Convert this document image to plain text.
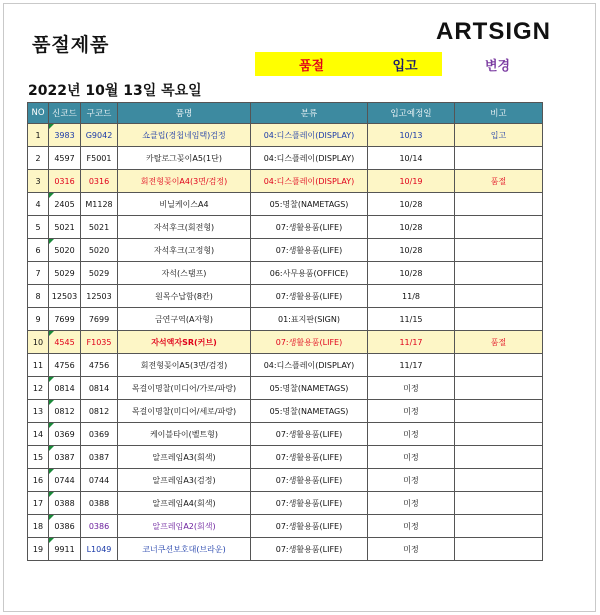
품절제품	ARTSIGN
품절	입고	변경
2022년 10월 13일 목요일
NO	신코드	구코드	품명	분류	입고예정일	비고
1	3983	G9042	쇼클립(경첩네임택)검정	04:디스플레이(DISPLAY)	10/13	입고
2	4597	F5001	카탈로그꽂이A5(1단)	04:디스플레이(DISPLAY)	10/14	
3	0316	0316	회전형꽂이A4(3면/검정)	04:디스플레이(DISPLAY)	10/19	품절
4	2405	M1128	비닐케이스A4	05:명찰(NAMETAGS)	10/28	
5	5021	5021	자석후크(회전형)	07:생활용품(LIFE)	10/28	
6	5020	5020	자석후크(고정형)	07:생활용품(LIFE)	10/28	
7	5029	5029	자석(스탬프)	06:사무용품(OFFICE)	10/28	
8	12503	12503	원목수납함(8칸)	07:생활용품(LIFE)	11/8	
9	7699	7699	금연구역(A자형)	01:표지판(SIGN)	11/15	
10	4545	F1035	자석액자SR(커브)	07:생활용품(LIFE)	11/17	품절
11	4756	4756	회전형꽂이A5(3면/검정)	04:디스플레이(DISPLAY)	11/17	
12	0814	0814	목걸이명찰(미디어/가로/파랑)	05:명찰(NAMETAGS)	미정	
13	0812	0812	목걸이명찰(미디어/세로/파랑)	05:명찰(NAMETAGS)	미정	
14	0369	0369	케이블타이(벨트형)	07:생활용품(LIFE)	미정	
15	0387	0387	알프레임A3(회색)	07:생활용품(LIFE)	미정	
16	0744	0744	알프레임A3(검정)	07:생활용품(LIFE)	미정	
17	0388	0388	알프레임A4(회색)	07:생활용품(LIFE)	미정	
18	0386	0386	알프레임A2(회색)	07:생활용품(LIFE)	미정	
19	9911	L1049	코너쿠션보호대(브라운)	07:생활용품(LIFE)	미정	
